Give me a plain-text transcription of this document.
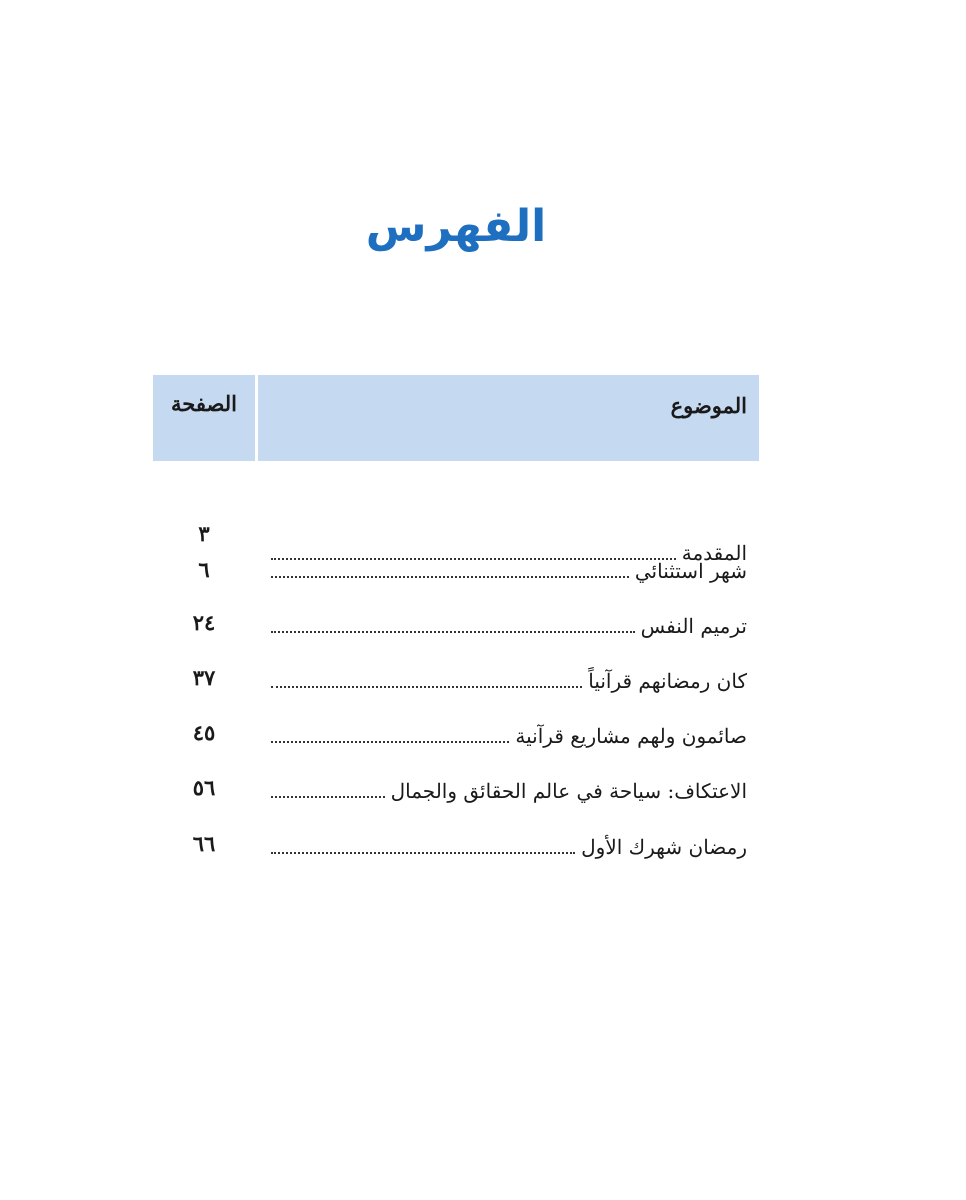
الفهرس
الموضوع
الصفحة
المقدمة
٣
شهر استثنائي
٦
ترميم النفس
٢٤
كان رمضانهم قرآنياً
٣٧
صائمون ولهم مشاريع قرآنية
٤٥
الاعتكاف: سياحة في عالم الحقائق والجمال
٥٦
رمضان شهرك الأول
٦٦
